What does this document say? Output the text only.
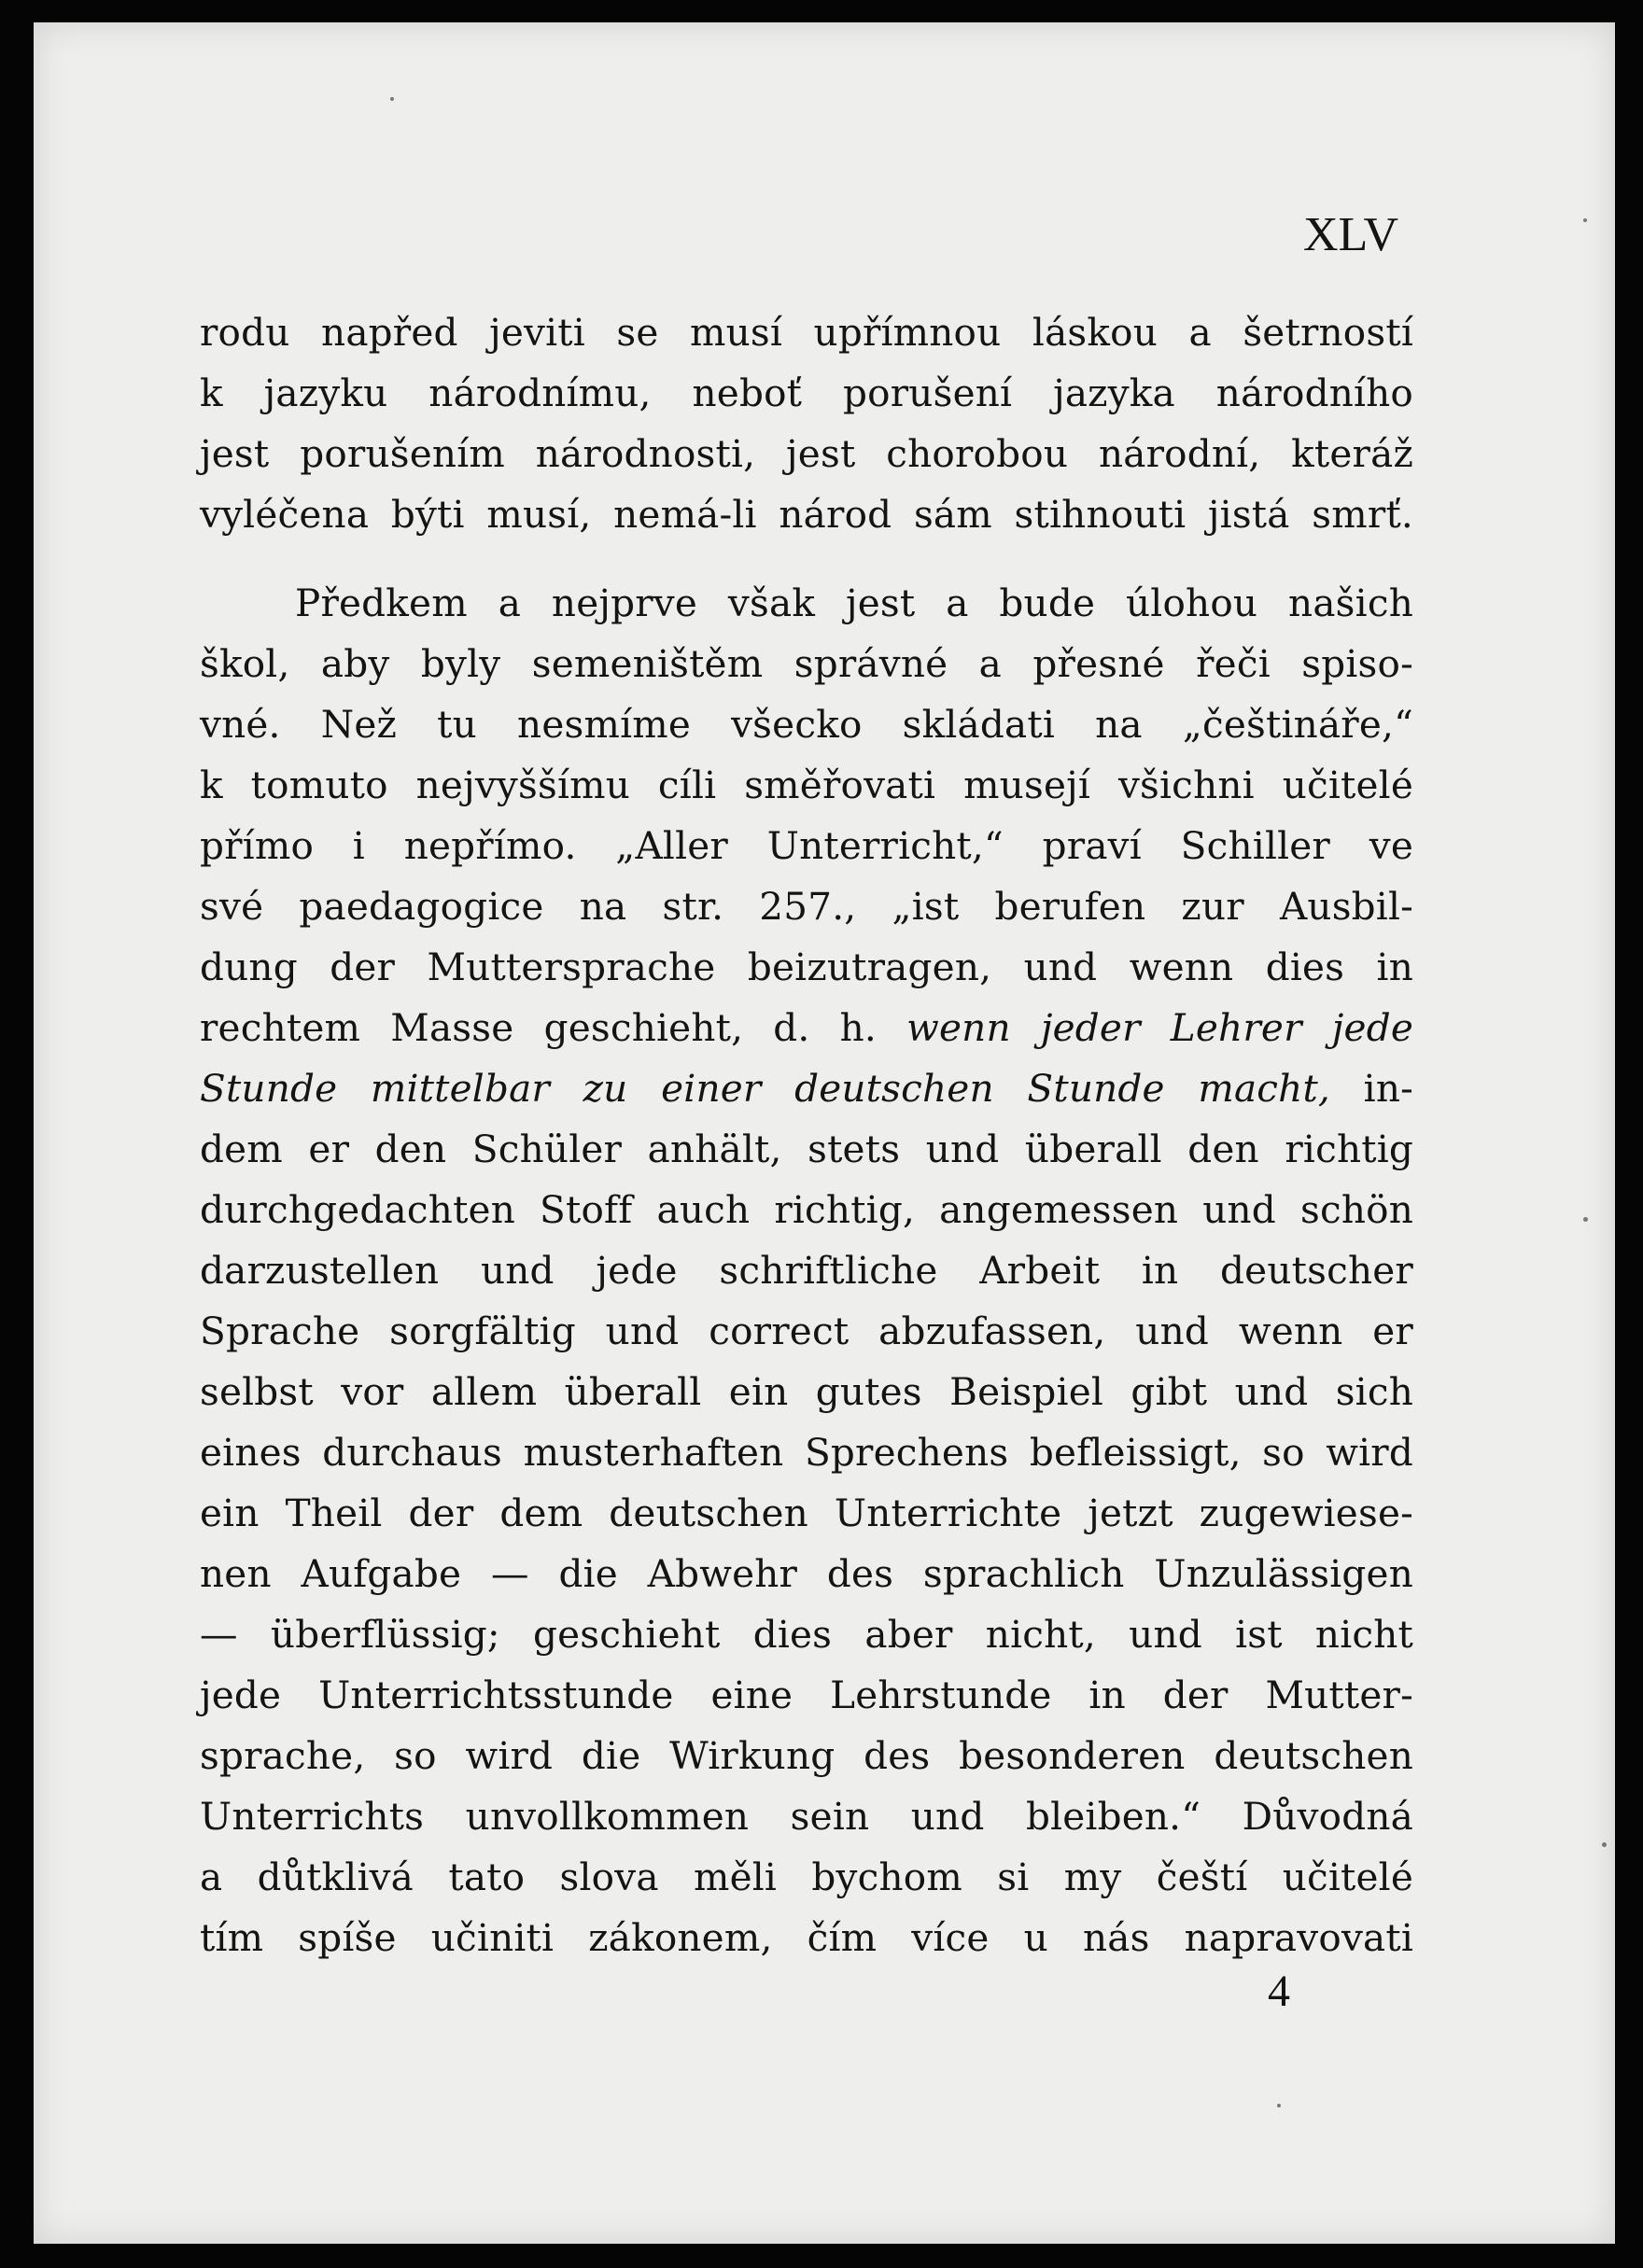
XLV

rodu napřed jeviti se musí upřímnou láskou a šetrností
k jazyku národnímu, neboť porušení jazyka národního
jest porušením národnosti, jest chorobou národní, kteráž
vyléčena býti musí, nemá-li národ sám stihnouti jistá smrť.

Předkem a nejprve však jest a bude úlohou našich
škol, aby byly semeništěm správné a přesné řeči spiso-
vné. Než tu nesmíme všecko skládati na „češtináře,“
k tomuto nejvyššímu cíli směřovati musejí všichni učitelé
přímo i nepřímo. „Aller Unterricht,“ praví Schiller ve
své paedagogice na str. 257., „ist berufen zur Ausbil-
dung der Muttersprache beizutragen, und wenn dies in
rechtem Masse geschieht, d. h. wenn jeder Lehrer jede
Stunde mittelbar zu einer deutschen Stunde macht, in-
dem er den Schüler anhält, stets und überall den richtig
durchgedachten Stoff auch richtig, angemessen und schön
darzustellen und jede schriftliche Arbeit in deutscher
Sprache sorgfältig und correct abzufassen, und wenn er
selbst vor allem überall ein gutes Beispiel gibt und sich
eines durchaus musterhaften Sprechens befleissigt, so wird
ein Theil der dem deutschen Unterrichte jetzt zugewiese-
nen Aufgabe — die Abwehr des sprachlich Unzulässigen
— überflüssig; geschieht dies aber nicht, und ist nicht
jede Unterrichtsstunde eine Lehrstunde in der Mutter-
sprache, so wird die Wirkung des besonderen deutschen
Unterrichts unvollkommen sein und bleiben.“ Důvodná
a důtklivá tato slova měli bychom si my čeští učitelé
tím spíše učiniti zákonem, čím více u nás napravovati

4
